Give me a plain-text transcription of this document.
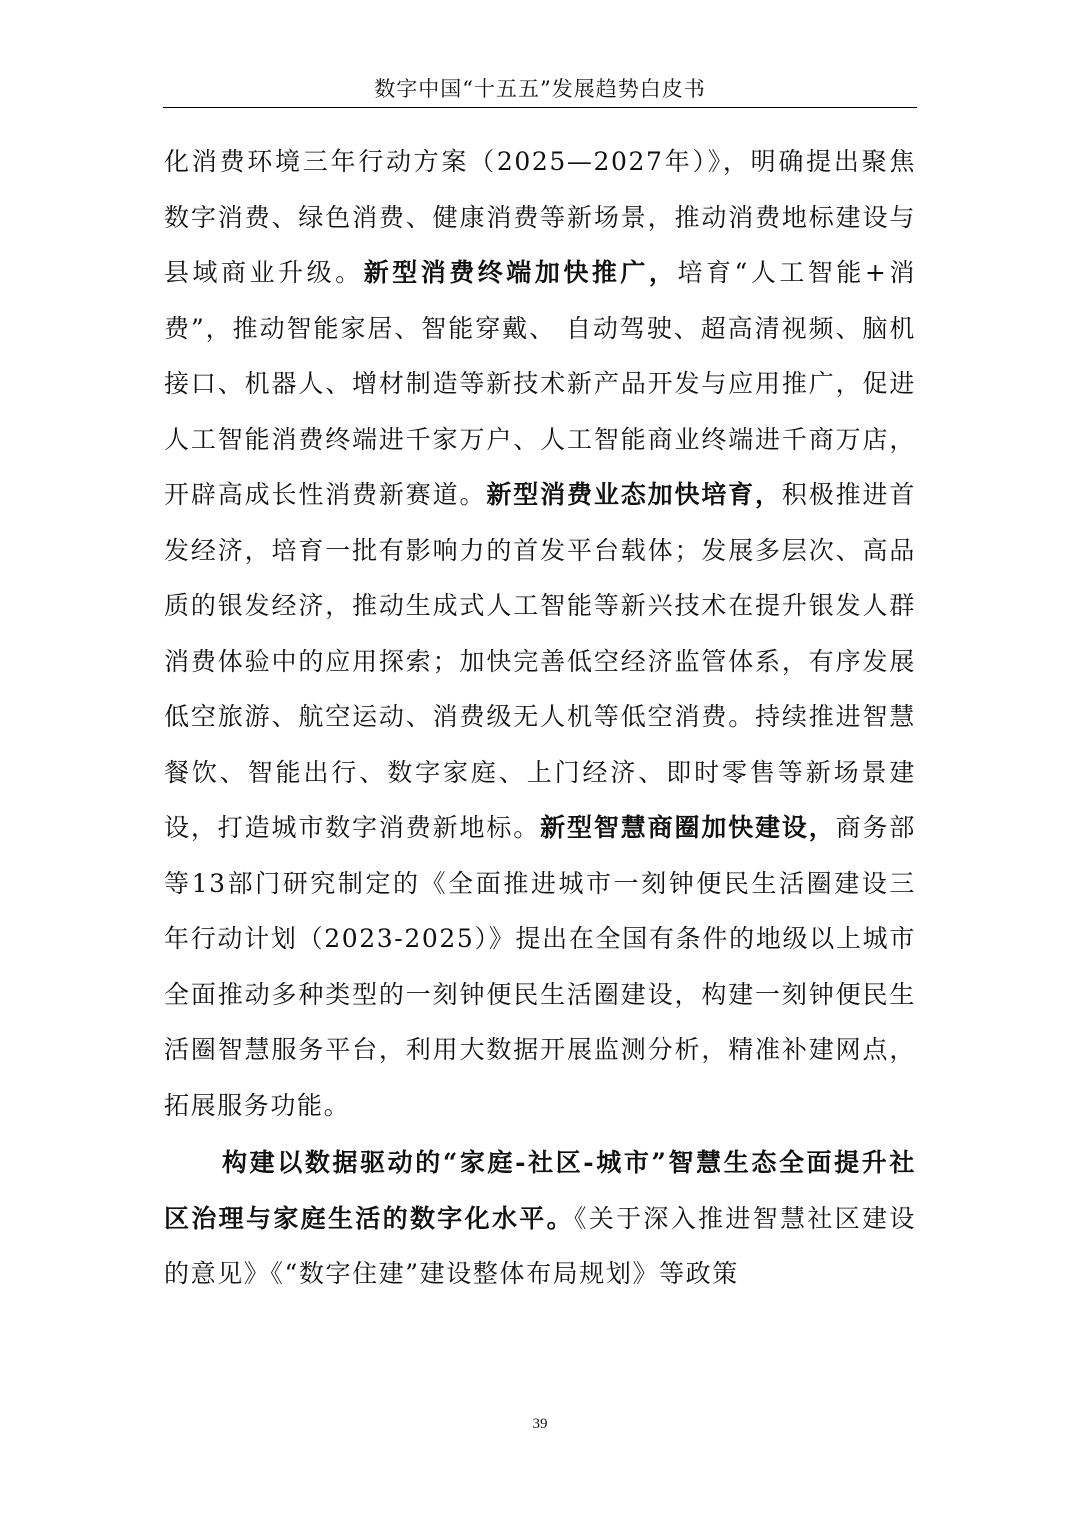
数字中国“十五五”发展趋势白皮书

化消费环境三年行动方案（2025—2027年）》，明确提出聚焦数字消费、绿色消费、健康消费等新场景，推动消费地标建设与县域商业升级。新型消费终端加快推广，培育“人工智能+消费”，推动智能家居、智能穿戴、 自动驾驶、超高清视频、脑机接口、机器人、增材制造等新技术新产品开发与应用推广，促进人工智能消费终端进千家万户、人工智能商业终端进千商万店，开辟高成长性消费新赛道。新型消费业态加快培育，积极推进首发经济，培育一批有影响力的首发平台载体；发展多层次、高品质的银发经济，推动生成式人工智能等新兴技术在提升银发人群消费体验中的应用探索；加快完善低空经济监管体系，有序发展低空旅游、航空运动、消费级无人机等低空消费。持续推进智慧餐饮、智能出行、数字家庭、上门经济、即时零售等新场景建设，打造城市数字消费新地标。新型智慧商圈加快建设，商务部等13部门研究制定的《全面推进城市一刻钟便民生活圈建设三年行动计划（2023-2025）》提出在全国有条件的地级以上城市全面推动多种类型的一刻钟便民生活圈建设，构建一刻钟便民生活圈智慧服务平台，利用大数据开展监测分析，精准补建网点，拓展服务功能。

构建以数据驱动的“家庭-社区-城市”智慧生态全面提升社区治理与家庭生活的数字化水平。《关于深入推进智慧社区建设的意见》《“数字住建”建设整体布局规划》等政策

39
